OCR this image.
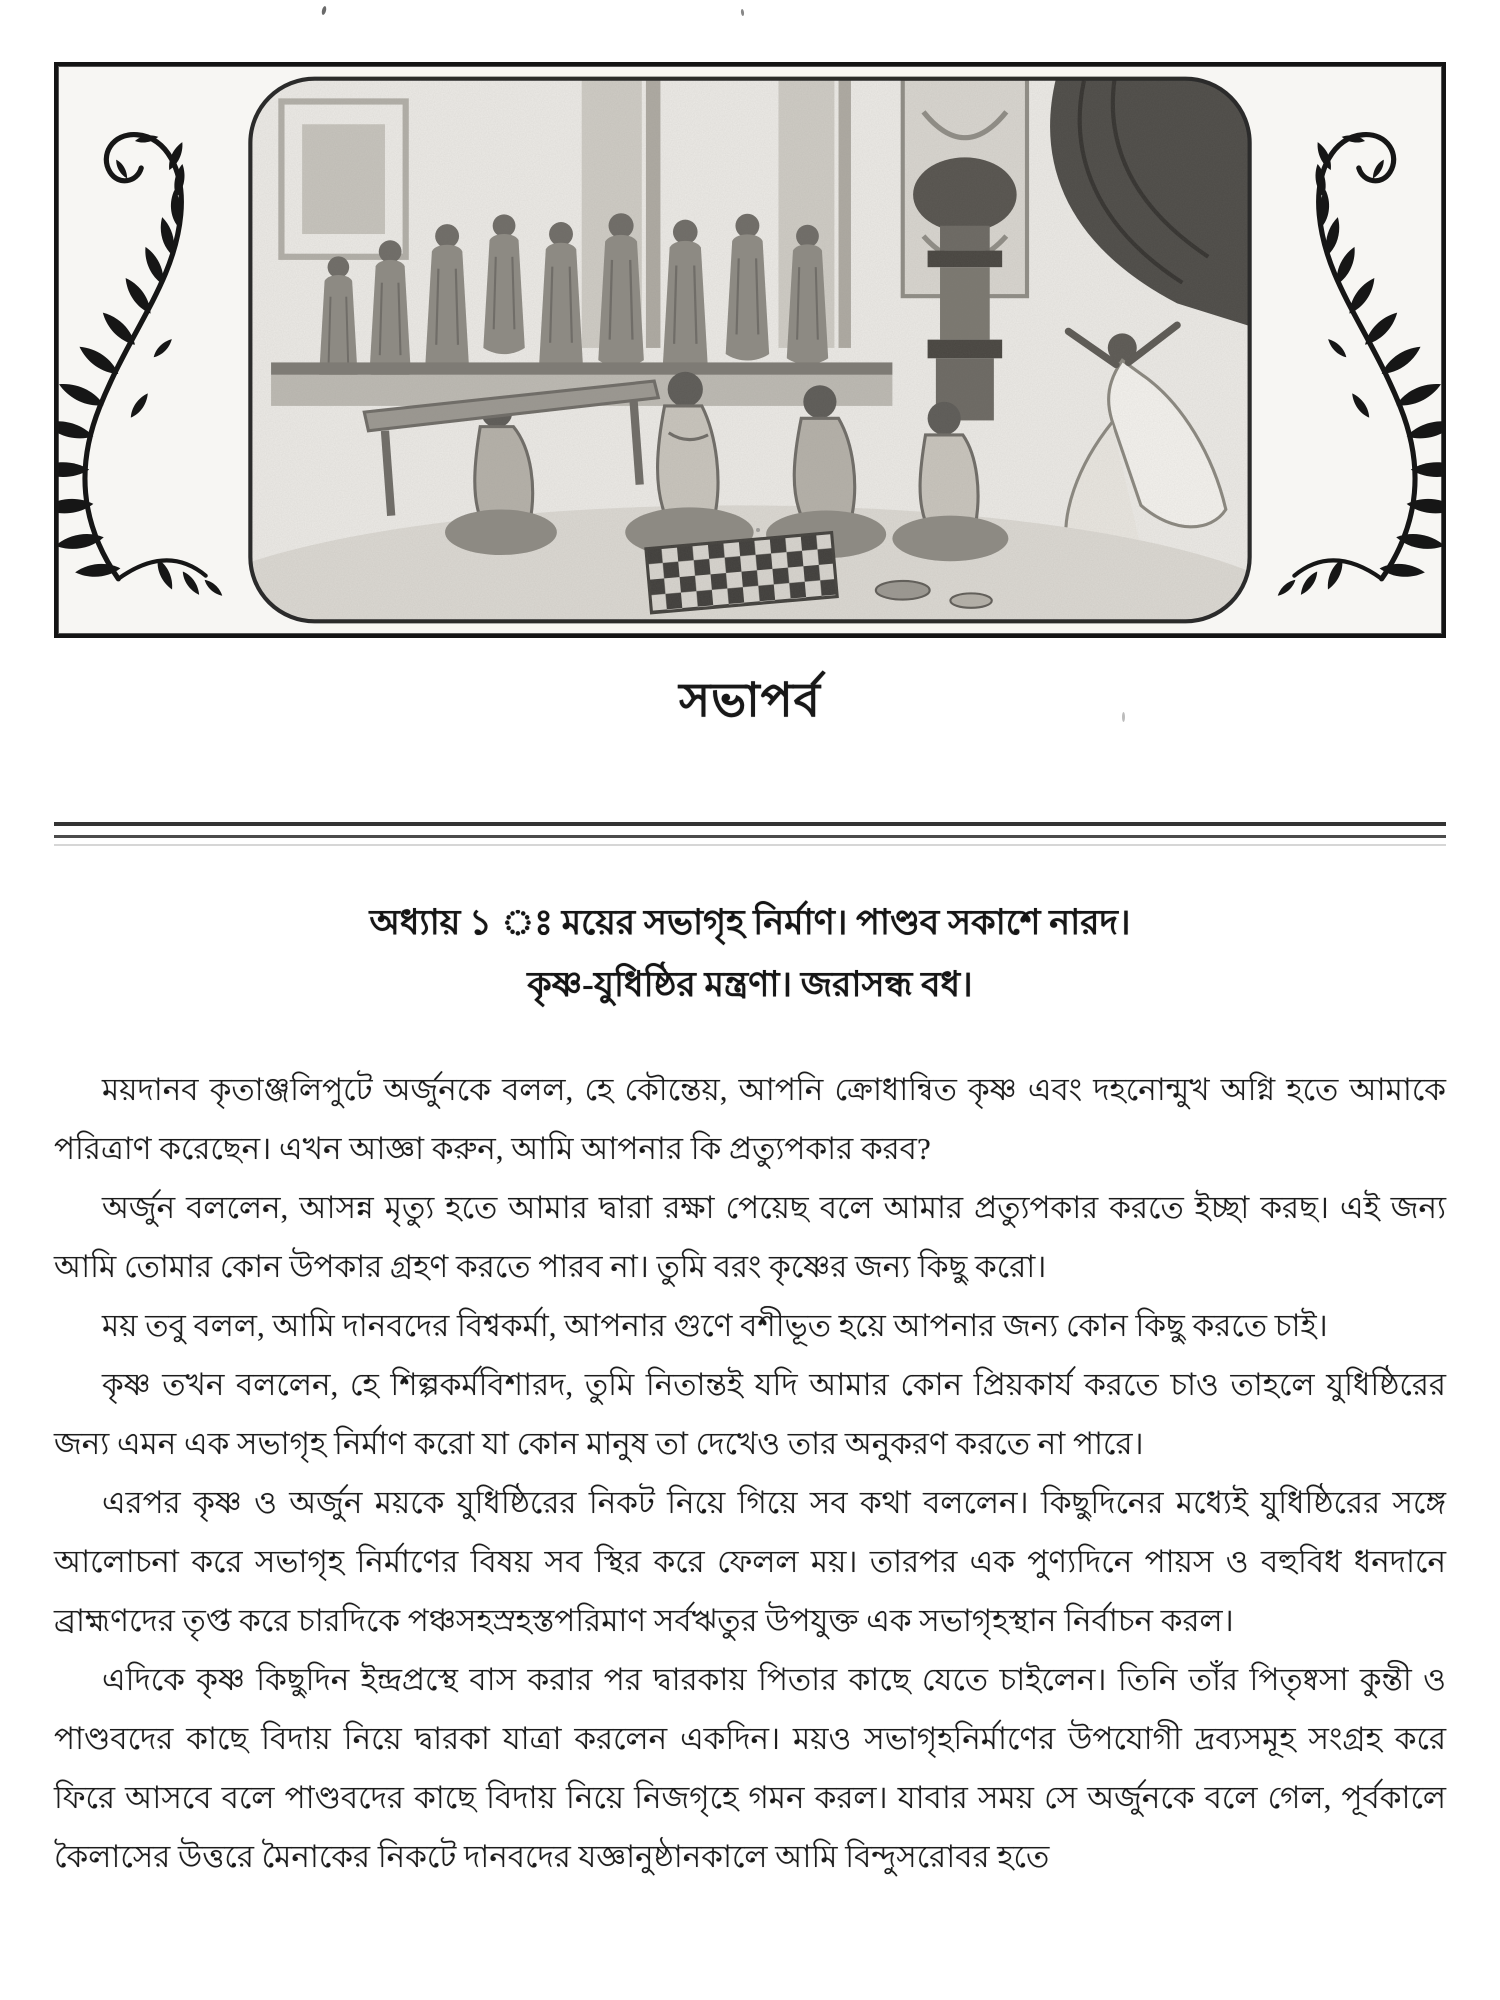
সভাপর্ব
অধ্যায় ১ ঃ ময়ের সভাগৃহ নির্মাণ। পাণ্ডব সকাশে নারদ।
কৃষ্ণ-যুধিষ্ঠির মন্ত্রণা। জরাসন্ধ বধ।

ময়দানব কৃতাঞ্জলিপুটে অর্জুনকে বলল, হে কৌন্তেয়, আপনি ক্রোধান্বিত কৃষ্ণ এবং দহনোন্মুখ অগ্নি হতে আমাকে পরিত্রাণ করেছেন। এখন আজ্ঞা করুন, আমি আপনার কি প্রত্যুপকার করব?

অর্জুন বললেন, আসন্ন মৃত্যু হতে আমার দ্বারা রক্ষা পেয়েছ বলে আমার প্রত্যুপকার করতে ইচ্ছা করছ। এই জন্য আমি তোমার কোন উপকার গ্রহণ করতে পারব না। তুমি বরং কৃষ্ণের জন্য কিছু করো।

ময় তবু বলল, আমি দানবদের বিশ্বকর্মা, আপনার গুণে বশীভূত হয়ে আপনার জন্য কোন কিছু করতে চাই।

কৃষ্ণ তখন বললেন, হে শিল্পকর্মবিশারদ, তুমি নিতান্তই যদি আমার কোন প্রিয়কার্য করতে চাও তাহলে যুধিষ্ঠিরের জন্য এমন এক সভাগৃহ নির্মাণ করো যা কোন মানুষ তা দেখেও তার অনুকরণ করতে না পারে।

এরপর কৃষ্ণ ও অর্জুন ময়কে যুধিষ্ঠিরের নিকট নিয়ে গিয়ে সব কথা বললেন। কিছুদিনের মধ্যেই যুধিষ্ঠিরের সঙ্গে আলোচনা করে সভাগৃহ নির্মাণের বিষয় সব স্থির করে ফেলল ময়। তারপর এক পুণ্যদিনে পায়স ও বহুবিধ ধনদানে ব্রাহ্মণদের তৃপ্ত করে চারদিকে পঞ্চসহস্রহস্তপরিমাণ সর্বঋতুর উপযুক্ত এক সভাগৃহস্থান নির্বাচন করল।

এদিকে কৃষ্ণ কিছুদিন ইন্দ্রপ্রস্থে বাস করার পর দ্বারকায় পিতার কাছে যেতে চাইলেন। তিনি তাঁর পিতৃষ্বসা কুন্তী ও পাণ্ডবদের কাছে বিদায় নিয়ে দ্বারকা যাত্রা করলেন একদিন। ময়ও সভাগৃহনির্মাণের উপযোগী দ্রব্যসমূহ সংগ্রহ করে ফিরে আসবে বলে পাণ্ডবদের কাছে বিদায় নিয়ে নিজগৃহে গমন করল। যাবার সময় সে অর্জুনকে বলে গেল, পূর্বকালে কৈলাসের উত্তরে মৈনাকের নিকটে দানবদের যজ্ঞানুষ্ঠানকালে আমি বিন্দুসরোবর হতে
